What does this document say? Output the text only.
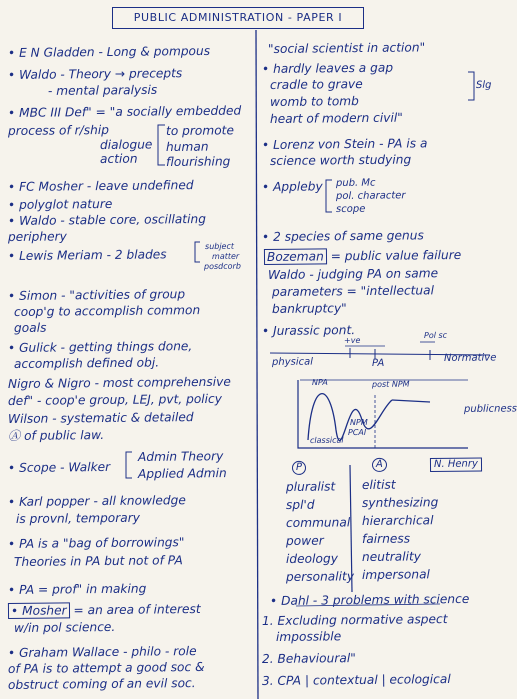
PUBLIC ADMINISTRATION - PAPER I
• E N Gladden - Long & pompous
• Waldo - Theory → precepts
- mental paralysis
• MBC III Def" = "a socially embedded
process of r/ship	to promote
dialogue human
action flourishing
• FC Mosher - leave undefined
• polyglot nature
• Waldo - stable core, oscillating
periphery
• Lewis Meriam - 2 blades
subject
matter
posdcorb
• Simon - "activities of group
coop'g to accomplish common
goals
• Gulick - getting things done,
accomplish defined obj.
Nigro & Nigro - most comprehensive
def" - coop'e group, LEJ, pvt, policy
Wilson - systematic & detailed
Ⓐ of public law.
• Scope - Walker
Admin Theory
Applied Admin
• Karl popper - all knowledge
is provnl, temporary
• PA is a "bag of borrowings"
Theories in PA but not of PA
• PA = prof" in making
• Mosher = an area of interest
w/in pol science.
• Graham Wallace - philo - role
of PA is to attempt a good soc &
obstruct coming of an evil soc.
"social scientist in action"
• hardly leaves a gap
cradle to grave
womb to tomb
heart of modern civil"
Slg
• Lorenz von Stein - PA is a
science worth studying
• Appleby pub. Mc
pol. character
scope
• 2 species of same genus
Bozeman = public value failure
Waldo - judging PA on same
parameters = "intellectual
bankruptcy"
• Jurassic pont.
+ve
Pol sc
physical	PA	Normative
NPA	post NPM
NPM
PCAI
classical
publicness
P	A	N. Henry
pluralist
spl'd
communal
power
ideology
personality
elitist
synthesizing
hierarchical
fairness
neutrality
impersonal
• Dahl - 3 problems with science
1. Excluding normative aspect
impossible
2. Behavioural"
3. CPA | contextual | ecological
